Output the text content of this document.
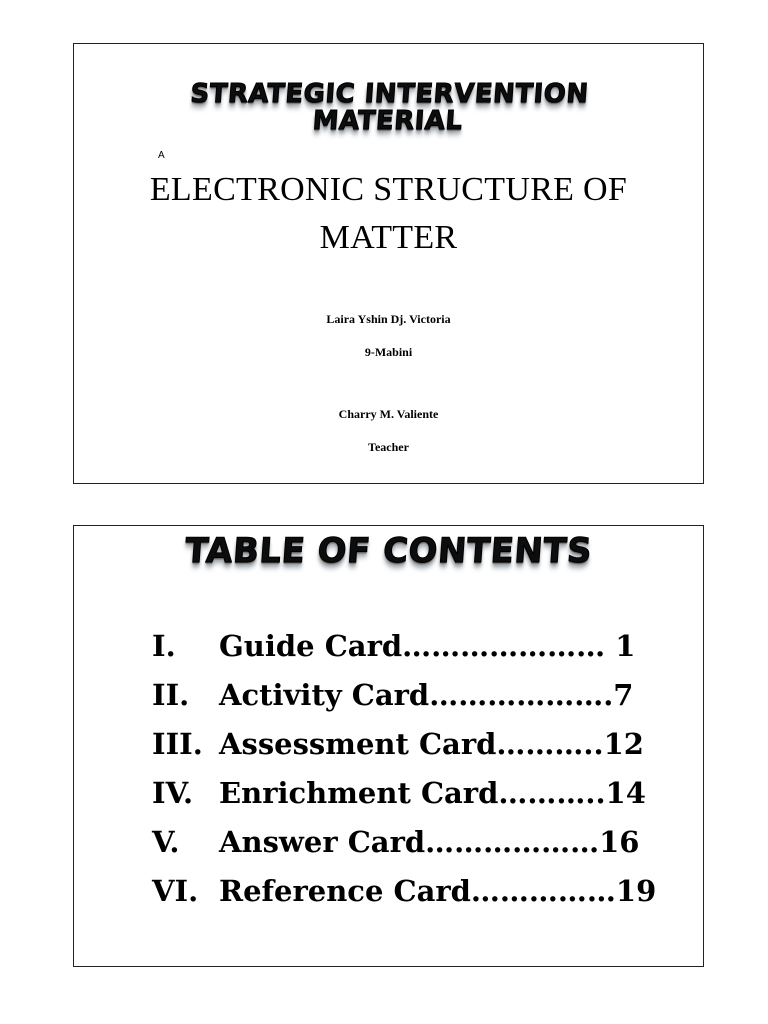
STRATEGIC INTERVENTION
MATERIAL
A
ELECTRONIC STRUCTURE OF
MATTER
Laira Yshin Dj. Victoria
9-Mabini
Charry M. Valiente
Teacher
TABLE OF CONTENTS
I. Guide Card………………… 1
II.Activity Card……………….7
III. Assessment Card………..12
IV. Enrichment Card………..14
V. Answer Card………………16
VI. Reference Card……………19
